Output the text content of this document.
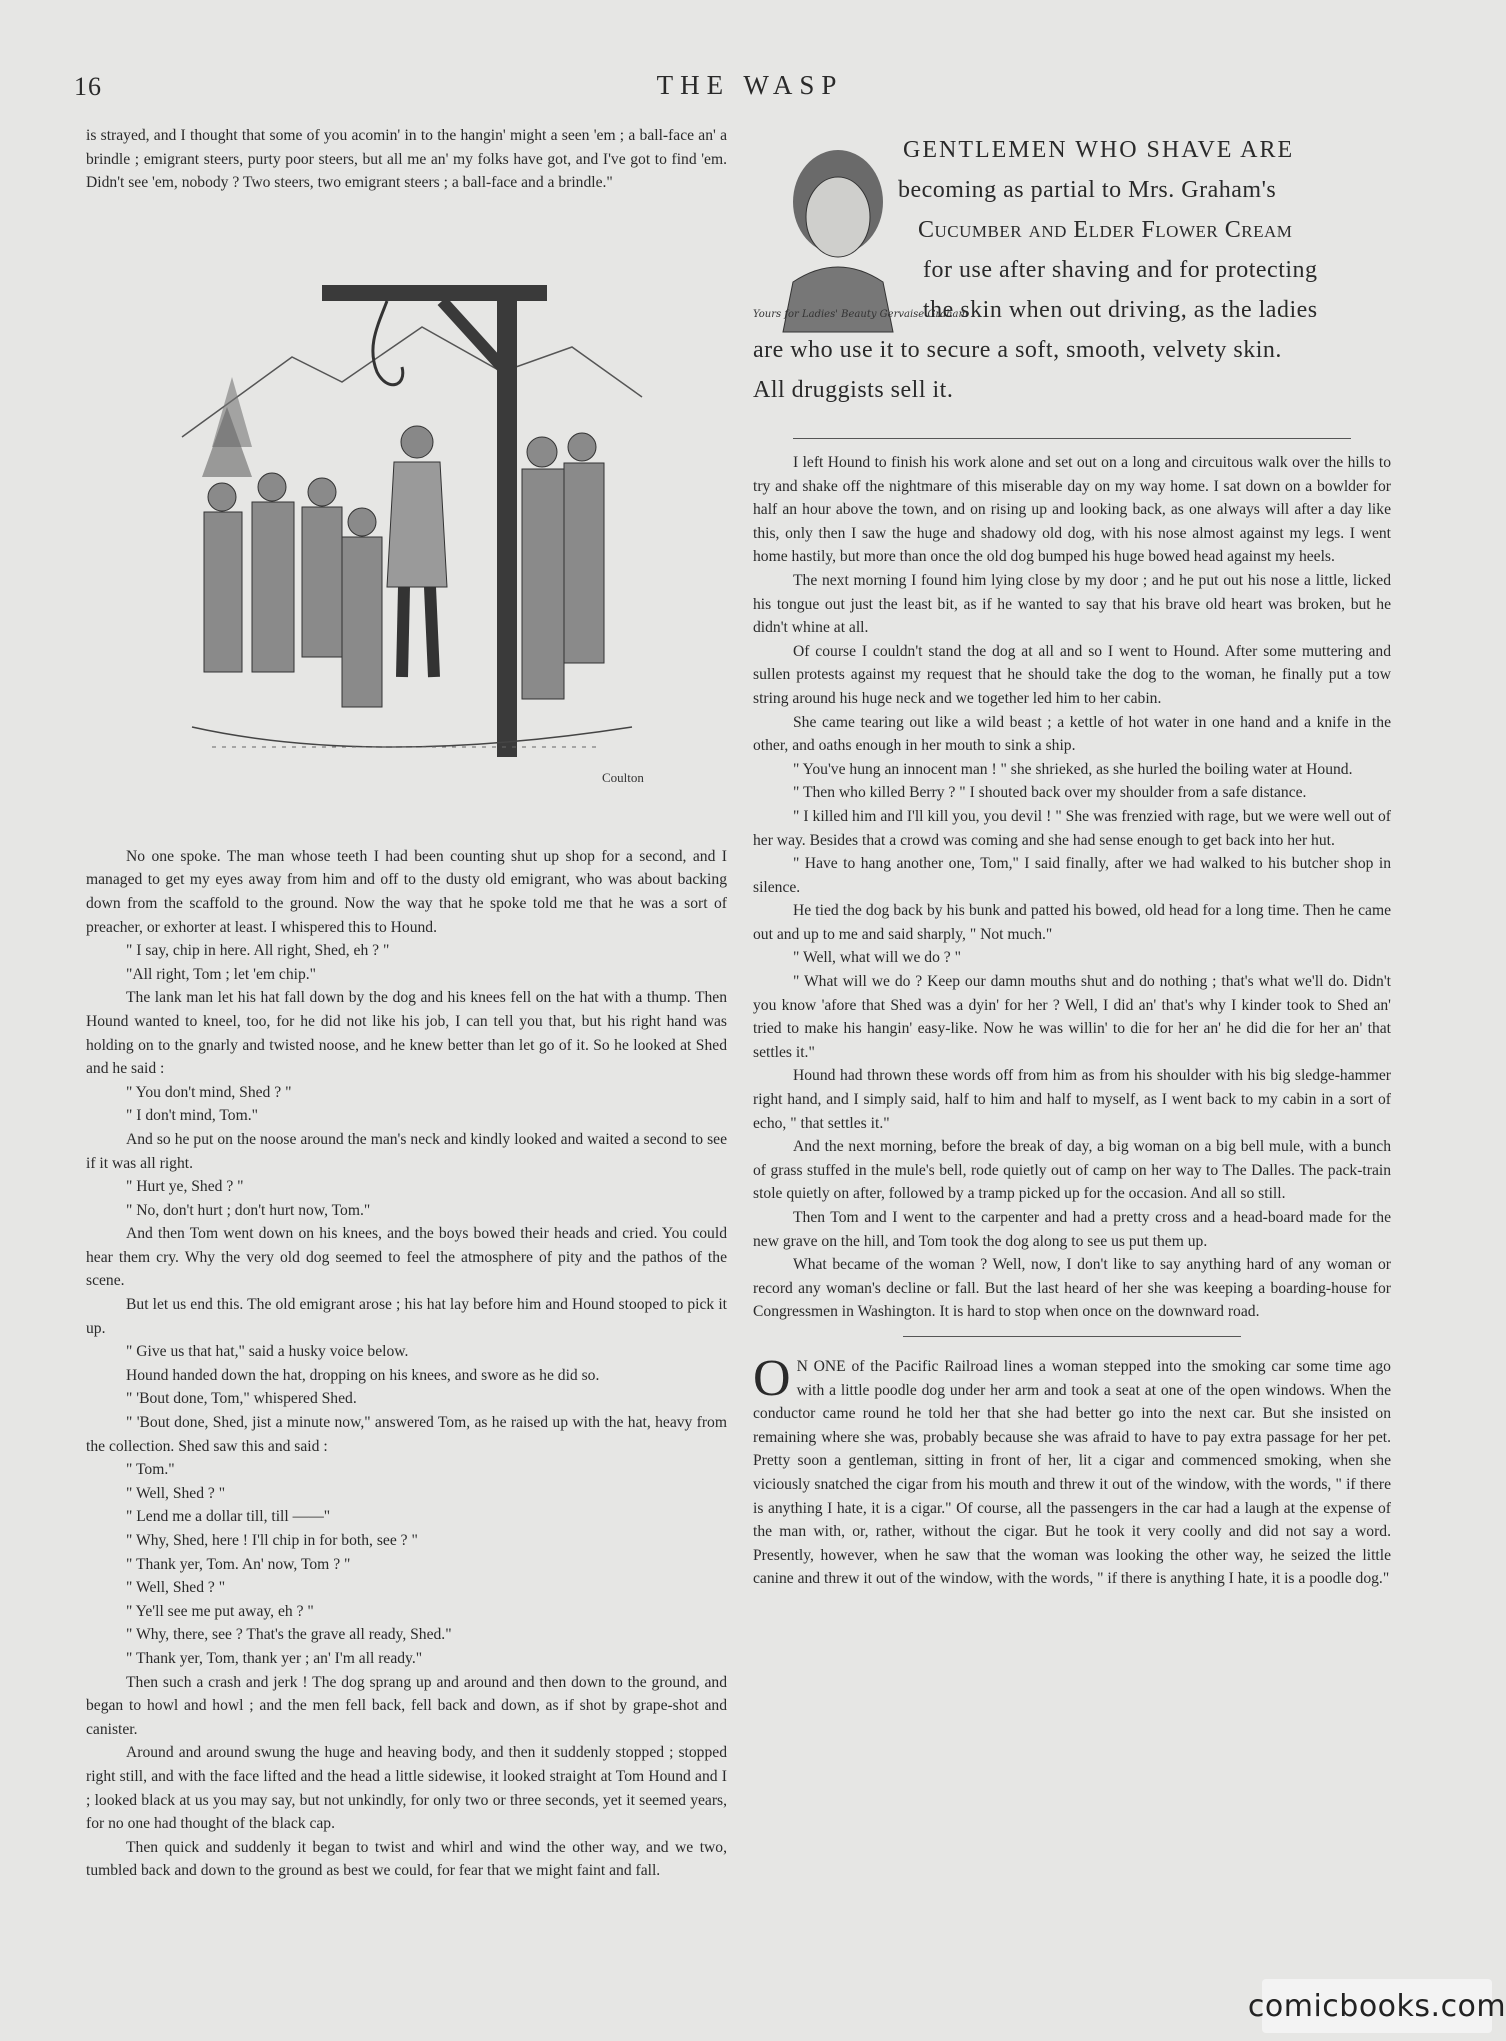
16	THE WASP

is strayed, and I thought that some of you acomin' in to the hangin' might a seen 'em ; a ball-face an' a brindle ; emigrant steers, purty poor steers, but all me an' my folks have got, and I've got to find 'em. Didn't see 'em, nobody ? Two steers, two emigrant steers ; a ball-face and a brindle."

Coulton

No one spoke. The man whose teeth I had been counting shut up shop for a second, and I managed to get my eyes away from him and off to the dusty old emigrant, who was about backing down from the scaffold to the ground. Now the way that he spoke told me that he was a sort of preacher, or exhorter at least. I whispered this to Hound.

" I say, chip in here. All right, Shed, eh ? "

"All right, Tom ; let 'em chip."

The lank man let his hat fall down by the dog and his knees fell on the hat with a thump. Then Hound wanted to kneel, too, for he did not like his job, I can tell you that, but his right hand was holding on to the gnarly and twisted noose, and he knew better than let go of it. So he looked at Shed and he said :

" You don't mind, Shed ? "

" I don't mind, Tom."

And so he put on the noose around the man's neck and kindly looked and waited a second to see if it was all right.

" Hurt ye, Shed ? "

" No, don't hurt ; don't hurt now, Tom."

And then Tom went down on his knees, and the boys bowed their heads and cried. You could hear them cry. Why the very old dog seemed to feel the atmosphere of pity and the pathos of the scene.

But let us end this. The old emigrant arose ; his hat lay before him and Hound stooped to pick it up.

" Give us that hat," said a husky voice below.

Hound handed down the hat, dropping on his knees, and swore as he did so.

" 'Bout done, Tom," whispered Shed.

" 'Bout done, Shed, jist a minute now," answered Tom, as he raised up with the hat, heavy from the collection. Shed saw this and said :

" Tom."

" Well, Shed ? "

" Lend me a dollar till, till ——"

" Why, Shed, here ! I'll chip in for both, see ? "

" Thank yer, Tom. An' now, Tom ? "

" Well, Shed ? "

" Ye'll see me put away, eh ? "

" Why, there, see ? That's the grave all ready, Shed."

" Thank yer, Tom, thank yer ; an' I'm all ready."

Then such a crash and jerk ! The dog sprang up and around and then down to the ground, and began to howl and howl ; and the men fell back, fell back and down, as if shot by grape-shot and canister.

Around and around swung the huge and heaving body, and then it suddenly stopped ; stopped right still, and with the face lifted and the head a little sidewise, it looked straight at Tom Hound and I ; looked black at us you may say, but not unkindly, for only two or three seconds, yet it seemed years, for no one had thought of the black cap.

Then quick and suddenly it began to twist and whirl and wind the other way, and we two, tumbled back and down to the ground as best we could, for fear that we might faint and fall.

Yours for Ladies' Beauty Gervaise Graham
GENTLEMEN WHO SHAVE ARE
becoming as partial to Mrs. Graham's
Cucumber and Elder Flower Cream
for use after shaving and for protecting
the skin when out driving, as the ladies
are who use it to secure a soft, smooth, velvety skin.
All druggists sell it.

I left Hound to finish his work alone and set out on a long and circuitous walk over the hills to try and shake off the nightmare of this miserable day on my way home. I sat down on a bowlder for half an hour above the town, and on rising up and looking back, as one always will after a day like this, only then I saw the huge and shadowy old dog, with his nose almost against my legs. I went home hastily, but more than once the old dog bumped his huge bowed head against my heels.

The next morning I found him lying close by my door ; and he put out his nose a little, licked his tongue out just the least bit, as if he wanted to say that his brave old heart was broken, but he didn't whine at all.

Of course I couldn't stand the dog at all and so I went to Hound. After some muttering and sullen protests against my request that he should take the dog to the woman, he finally put a tow string around his huge neck and we together led him to her cabin.

She came tearing out like a wild beast ; a kettle of hot water in one hand and a knife in the other, and oaths enough in her mouth to sink a ship.

" You've hung an innocent man ! " she shrieked, as she hurled the boiling water at Hound.

" Then who killed Berry ? " I shouted back over my shoulder from a safe distance.

" I killed him and I'll kill you, you devil ! " She was frenzied with rage, but we were well out of her way. Besides that a crowd was coming and she had sense enough to get back into her hut.

" Have to hang another one, Tom," I said finally, after we had walked to his butcher shop in silence.

He tied the dog back by his bunk and patted his bowed, old head for a long time. Then he came out and up to me and said sharply, " Not much."

" Well, what will we do ? "

" What will we do ? Keep our damn mouths shut and do nothing ; that's what we'll do. Didn't you know 'afore that Shed was a dyin' for her ? Well, I did an' that's why I kinder took to Shed an' tried to make his hangin' easy-like. Now he was willin' to die for her an' he did die for her an' that settles it."

Hound had thrown these words off from him as from his shoulder with his big sledge-hammer right hand, and I simply said, half to him and half to myself, as I went back to my cabin in a sort of echo, " that settles it."

And the next morning, before the break of day, a big woman on a big bell mule, with a bunch of grass stuffed in the mule's bell, rode quietly out of camp on her way to The Dalles. The pack-train stole quietly on after, followed by a tramp picked up for the occasion. And all so still.

Then Tom and I went to the carpenter and had a pretty cross and a head-board made for the new grave on the hill, and Tom took the dog along to see us put them up.

What became of the woman ? Well, now, I don't like to say anything hard of any woman or record any woman's decline or fall. But the last heard of her she was keeping a boarding-house for Congressmen in Washington. It is hard to stop when once on the downward road.

O N ONE of the Pacific Railroad lines a woman stepped into the smoking car some time ago with a little poodle dog under her arm and took a seat at one of the open windows. When the conductor came round he told her that she had better go into the next car. But she insisted on remaining where she was, probably because she was afraid to have to pay extra passage for her pet. Pretty soon a gentleman, sitting in front of her, lit a cigar and commenced smoking, when she viciously snatched the cigar from his mouth and threw it out of the window, with the words, " if there is anything I hate, it is a cigar." Of course, all the passengers in the car had a laugh at the expense of the man with, or, rather, without the cigar. But he took it very coolly and did not say a word. Presently, however, when he saw that the woman was looking the other way, he seized the little canine and threw it out of the window, with the words, " if there is anything I hate, it is a poodle dog."

comicbooks.com
